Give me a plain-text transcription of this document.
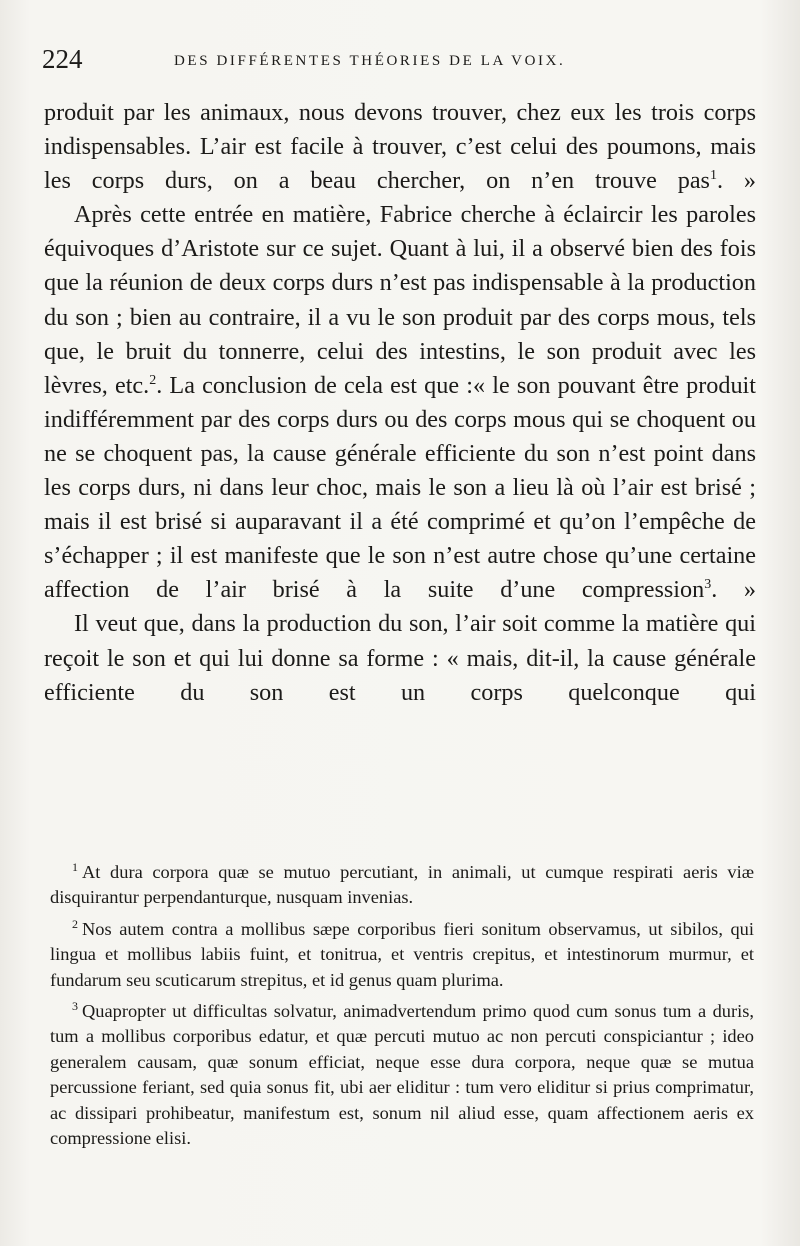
224	DES DIFFÉRENTES THÉORIES DE LA VOIX.

produit par les animaux, nous devons trouver, chez eux les trois corps indispensables. L’air est facile à trouver, c’est celui des poumons, mais les corps durs, on a beau chercher, on n’en trouve pas$^1$. »

Après cette entrée en matière, Fabrice cherche à éclaircir les paroles équivoques d’Aristote sur ce sujet. Quant à lui, il a observé bien des fois que la réunion de deux corps durs n’est pas indispensable à la production du son ; bien au contraire, il a vu le son produit par des corps mous, tels que, le bruit du tonnerre, celui des intestins, le son produit avec les lèvres, etc.$^2$. La conclusion de cela est que :« le son pouvant être produit indifféremment par des corps durs ou des corps mous qui se choquent ou ne se choquent pas, la cause générale efficiente du son n’est point dans les corps durs, ni dans leur choc, mais le son a lieu là où l’air est brisé ; mais il est brisé si auparavant il a été comprimé et qu’on l’empêche de s’échapper ; il est manifeste que le son n’est autre chose qu’une certaine affection de l’air brisé à la suite d’une compression$^3$. »

Il veut que, dans la production du son, l’air soit comme la matière qui reçoit le son et qui lui donne sa forme : « mais, dit-il, la cause générale efficiente du son est un corps quelconque qui

$^1$ At dura corpora quæ se mutuo percutiant, in animali, ut cumque respirati aeris viæ disquirantur perpendanturque, nusquam invenias.

$^2$ Nos autem contra a mollibus sæpe corporibus fieri sonitum observamus, ut sibilos, qui lingua et mollibus labiis fuint, et tonitrua, et ventris crepitus, et intestinorum murmur, et fundarum seu scuticarum strepitus, et id genus quam plurima.

$^3$ Quapropter ut difficultas solvatur, animadvertendum primo quod cum sonus tum a duris, tum a mollibus corporibus edatur, et quæ percuti mutuo ac non percuti conspiciantur ; ideo generalem causam, quæ sonum efficiat, neque esse dura corpora, neque quæ se mutua percussione feriant, sed quia sonus fit, ubi aer eliditur : tum vero eliditur si prius comprimatur, ac dissipari prohibeatur, manifestum est, sonum nil aliud esse, quam affectionem aeris ex compressione elisi.
